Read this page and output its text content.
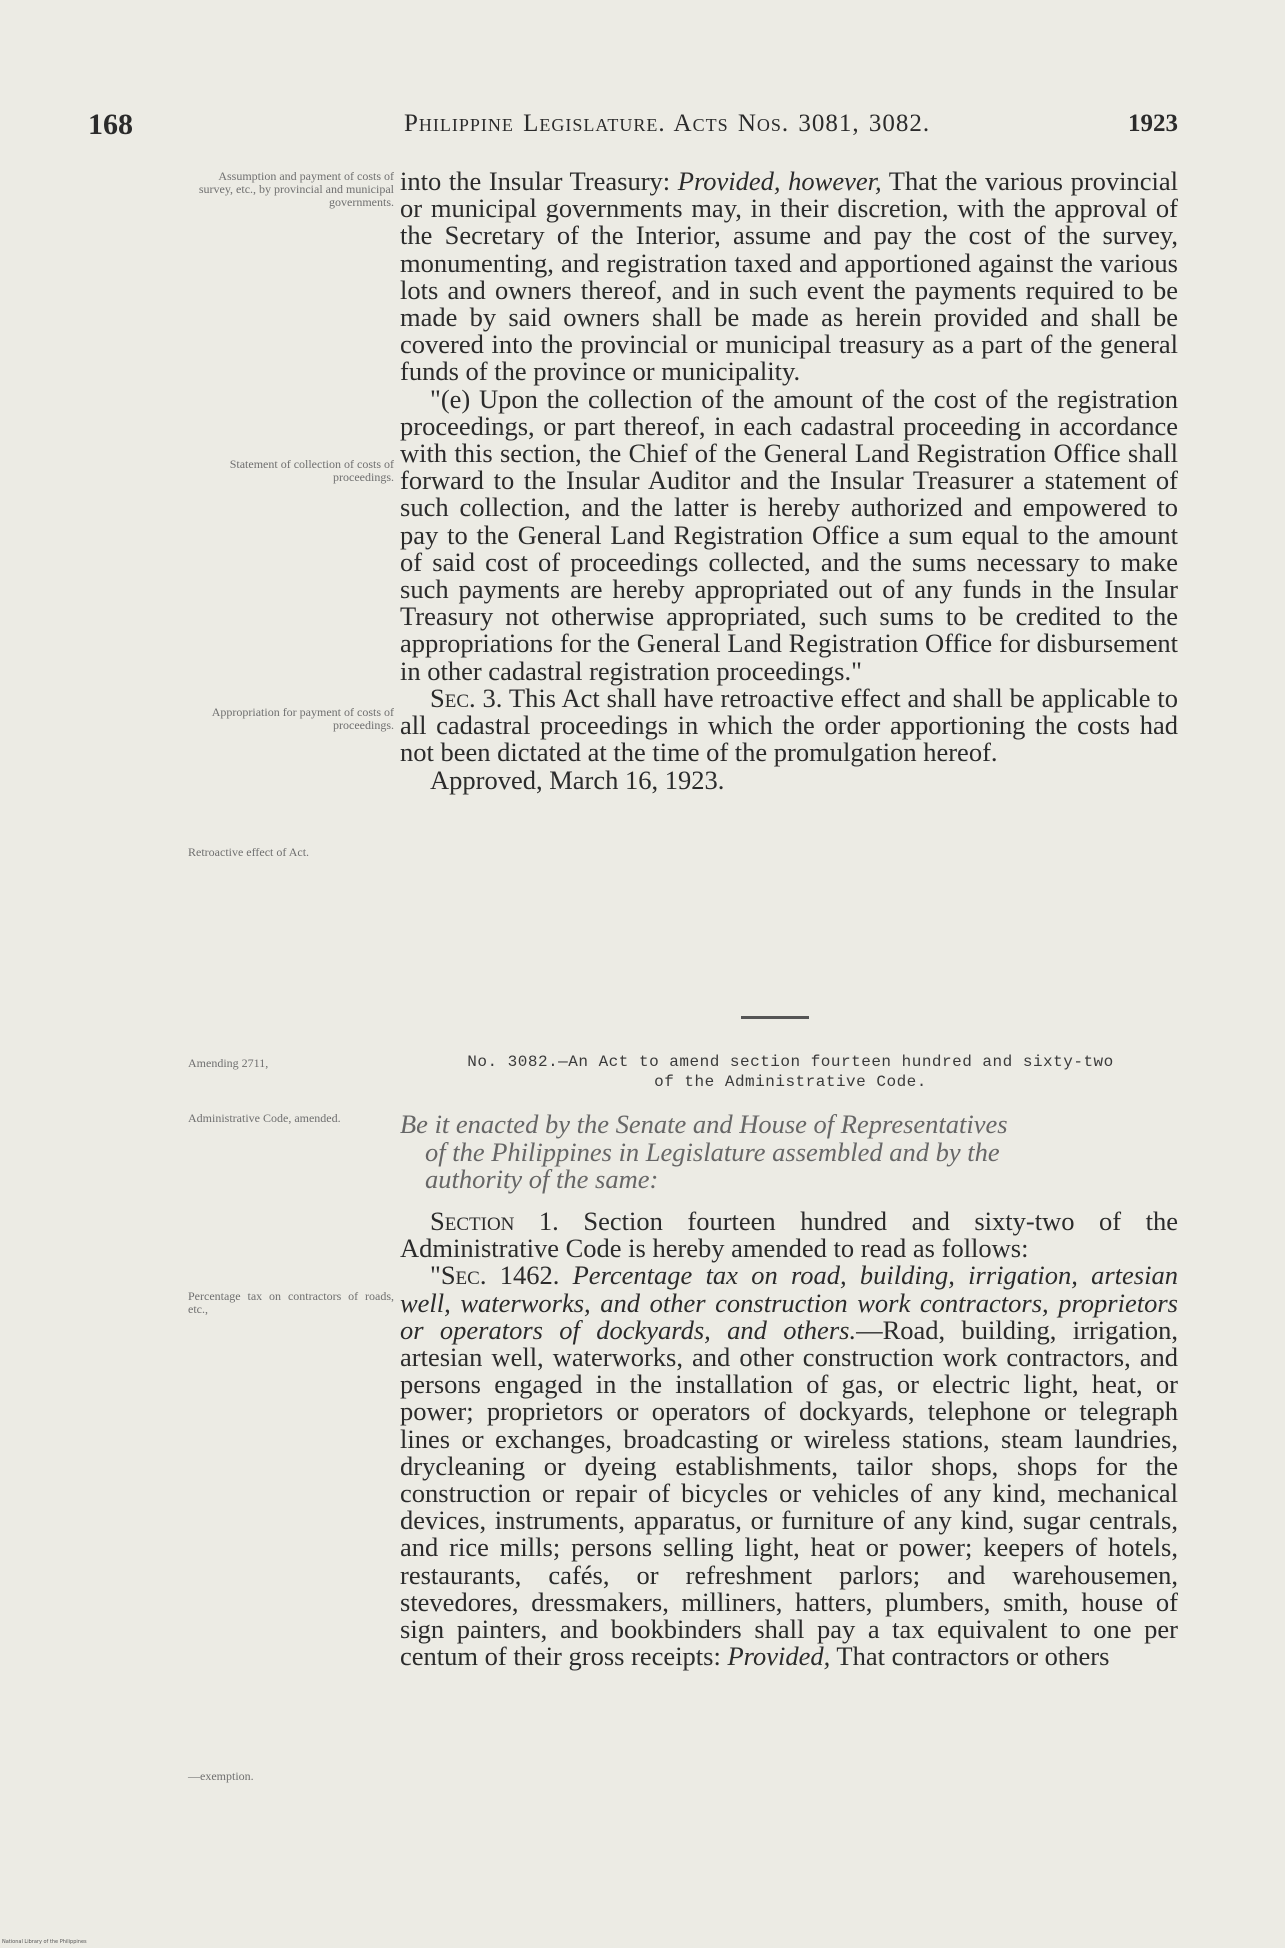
168	Philippine Legislature. Acts Nos. 3081, 3082.	1923
Assumption and payment of costs of survey, etc., by provincial and municipal governments.
Statement of collection of costs of proceedings.
Appropriation for payment of costs of proceedings.
Retroactive effect of Act.
Amending 2711,
Administrative Code, amended.
Percentage tax on contractors of roads, etc.,
—exemption.

into the Insular Treasury: Provided, however, That the various provincial or municipal governments may, in their discretion, with the approval of the Secretary of the Interior, assume and pay the cost of the survey, monumenting, and registration taxed and apportioned against the various lots and owners thereof, and in such event the payments required to be made by said owners shall be made as herein provided and shall be covered into the provincial or municipal treasury as a part of the general funds of the province or municipality.

"(e) Upon the collection of the amount of the cost of the registration proceedings, or part thereof, in each cadastral proceeding in accordance with this section, the Chief of the General Land Registration Office shall forward to the Insular Auditor and the Insular Treasurer a statement of such collection, and the latter is hereby authorized and empowered to pay to the General Land Registration Office a sum equal to the amount of said cost of proceedings collected, and the sums necessary to make such payments are hereby appropriated out of any funds in the Insular Treasury not otherwise appropriated, such sums to be credited to the appropriations for the General Land Registration Office for disbursement in other cadastral registration proceedings."

Sec. 3. This Act shall have retroactive effect and shall be applicable to all cadastral proceedings in which the order apportioning the costs had not been dictated at the time of the promulgation hereof.

Approved, March 16, 1923.

No. 3082.—An Act to amend section fourteen hundred and sixty-two
of the Administrative Code.
Be it enacted by the Senate and House of Representatives
of the Philippines in Legislature assembled and by the
authority of the same:

Section 1. Section fourteen hundred and sixty-two of the Administrative Code is hereby amended to read as follows:

"Sec. 1462. Percentage tax on road, building, irrigation, artesian well, waterworks, and other construction work contractors, proprietors or operators of dockyards, and others.—Road, building, irrigation, artesian well, waterworks, and other construction work contractors, and persons engaged in the installation of gas, or electric light, heat, or power; proprietors or operators of dockyards, telephone or telegraph lines or exchanges, broadcasting or wireless stations, steam laundries, drycleaning or dyeing establishments, tailor shops, shops for the construction or repair of bicycles or vehicles of any kind, mechanical devices, instruments, apparatus, or furniture of any kind, sugar centrals, and rice mills; persons selling light, heat or power; keepers of hotels, restaurants, cafés, or refreshment parlors; and warehousemen, stevedores, dressmakers, milliners, hatters, plumbers, smith, house of sign painters, and bookbinders shall pay a tax equivalent to one per centum of their gross receipts: Provided, That contractors or others

National Library of the Philippines
